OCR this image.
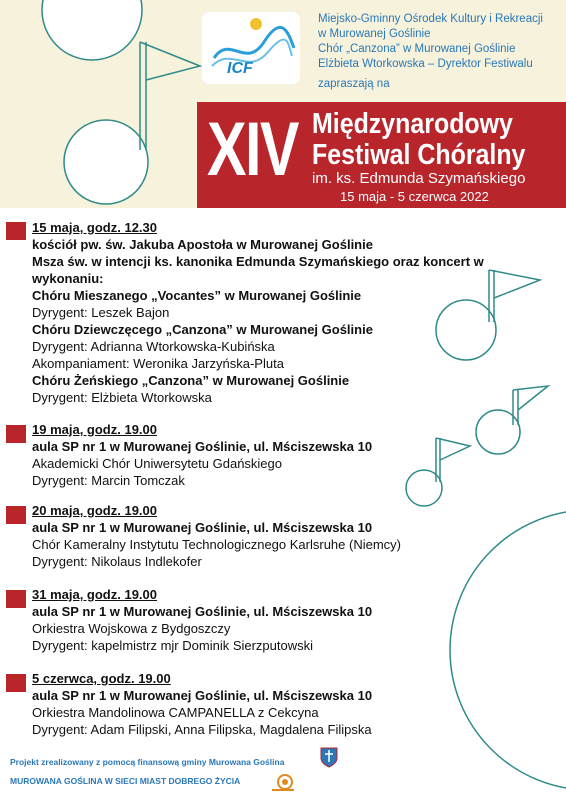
ICF
Miejsko-Gminny Ośrodek Kultury i Rekreacji
w Murowanej Goślinie
Chór „Canzona” w Murowanej Goślinie
Elżbieta Wtorkowska – Dyrektor Festiwalu
zapraszają na
XIV Międzynarodowy
Festiwal Chóralny
im. ks. Edmunda Szymańskiego
15 maja - 5 czerwca 2022
15 maja, godz. 12.30
kościół pw. św. Jakuba Apostoła w Murowanej Goślinie
Msza św. w intencji ks. kanonika Edmunda Szymańskiego oraz koncert w
wykonaniu:
Chóru Mieszanego „Vocantes” w Murowanej Goślinie
Dyrygent: Leszek Bajon
Chóru Dziewczęcego „Canzona” w Murowanej Goślinie
Dyrygent: Adrianna Wtorkowska-Kubińska
Akompaniament: Weronika Jarzyńska-Pluta
Chóru Żeńskiego „Canzona” w Murowanej Goślinie
Dyrygent: Elżbieta Wtorkowska
19 maja, godz. 19.00
aula SP nr 1 w Murowanej Goślinie, ul. Mściszewska 10
Akademicki Chór Uniwersytetu Gdańskiego
Dyrygent: Marcin Tomczak
20 maja, godz. 19.00
aula SP nr 1 w Murowanej Goślinie, ul. Mściszewska 10
Chór Kameralny Instytutu Technologicznego Karlsruhe (Niemcy)
Dyrygent: Nikolaus Indlekofer
31 maja, godz. 19.00
aula SP nr 1 w Murowanej Goślinie, ul. Mściszewska 10
Orkiestra Wojskowa z Bydgoszczy
Dyrygent: kapelmistrz mjr Dominik Sierzputowski
5 czerwca, godz. 19.00
aula SP nr 1 w Murowanej Goślinie, ul. Mściszewska 10
Orkiestra Mandolinowa CAMPANELLA z Cekcyna
Dyrygent: Adam Filipski, Anna Filipska, Magdalena Filipska
Projekt zrealizowany z pomocą finansową gminy Murowana Goślina
MUROWANA GOŚLINA W SIECI MIAST DOBREGO ŻYCIA
